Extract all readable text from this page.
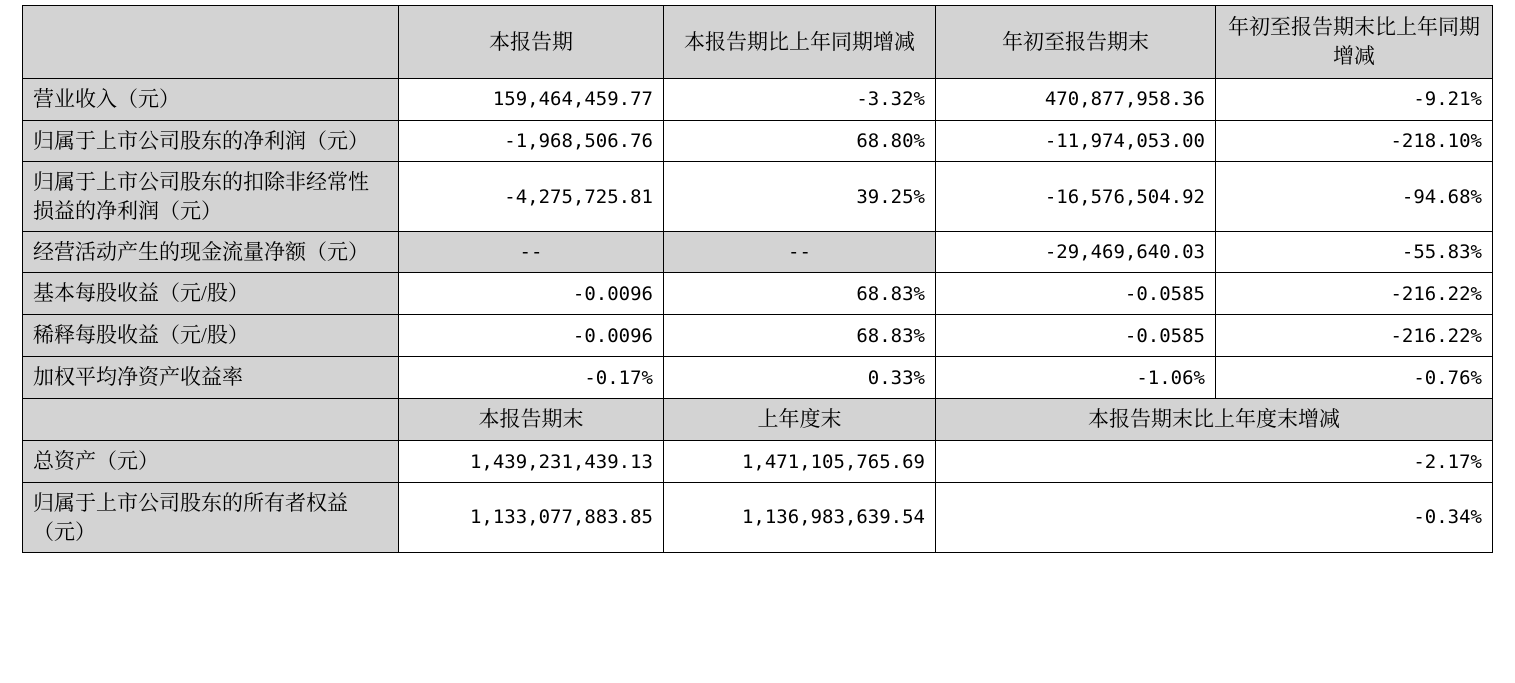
	本报告期	本报告期比上年同期增减	年初至报告期末	年初至报告期末比上年同期增减
营业收入（元）	159,464,459.77	-3.32%	470,877,958.36	-9.21%
归属于上市公司股东的净利润（元）	-1,968,506.76	68.80%	-11,974,053.00	-218.10%
归属于上市公司股东的扣除非经常性损益的净利润（元）	-4,275,725.81	39.25%	-16,576,504.92	-94.68%
经营活动产生的现金流量净额（元）	--	--	-29,469,640.03	-55.83%
基本每股收益（元/股）	-0.0096	68.83%	-0.0585	-216.22%
稀释每股收益（元/股）	-0.0096	68.83%	-0.0585	-216.22%
加权平均净资产收益率	-0.17%	0.33%	-1.06%	-0.76%
	本报告期末	上年度末	本报告期末比上年度末增减	
总资产（元）	1,439,231,439.13	1,471,105,765.69	-2.17%	
归属于上市公司股东的所有者权益（元）	1,133,077,883.85	1,136,983,639.54	-0.34%	
